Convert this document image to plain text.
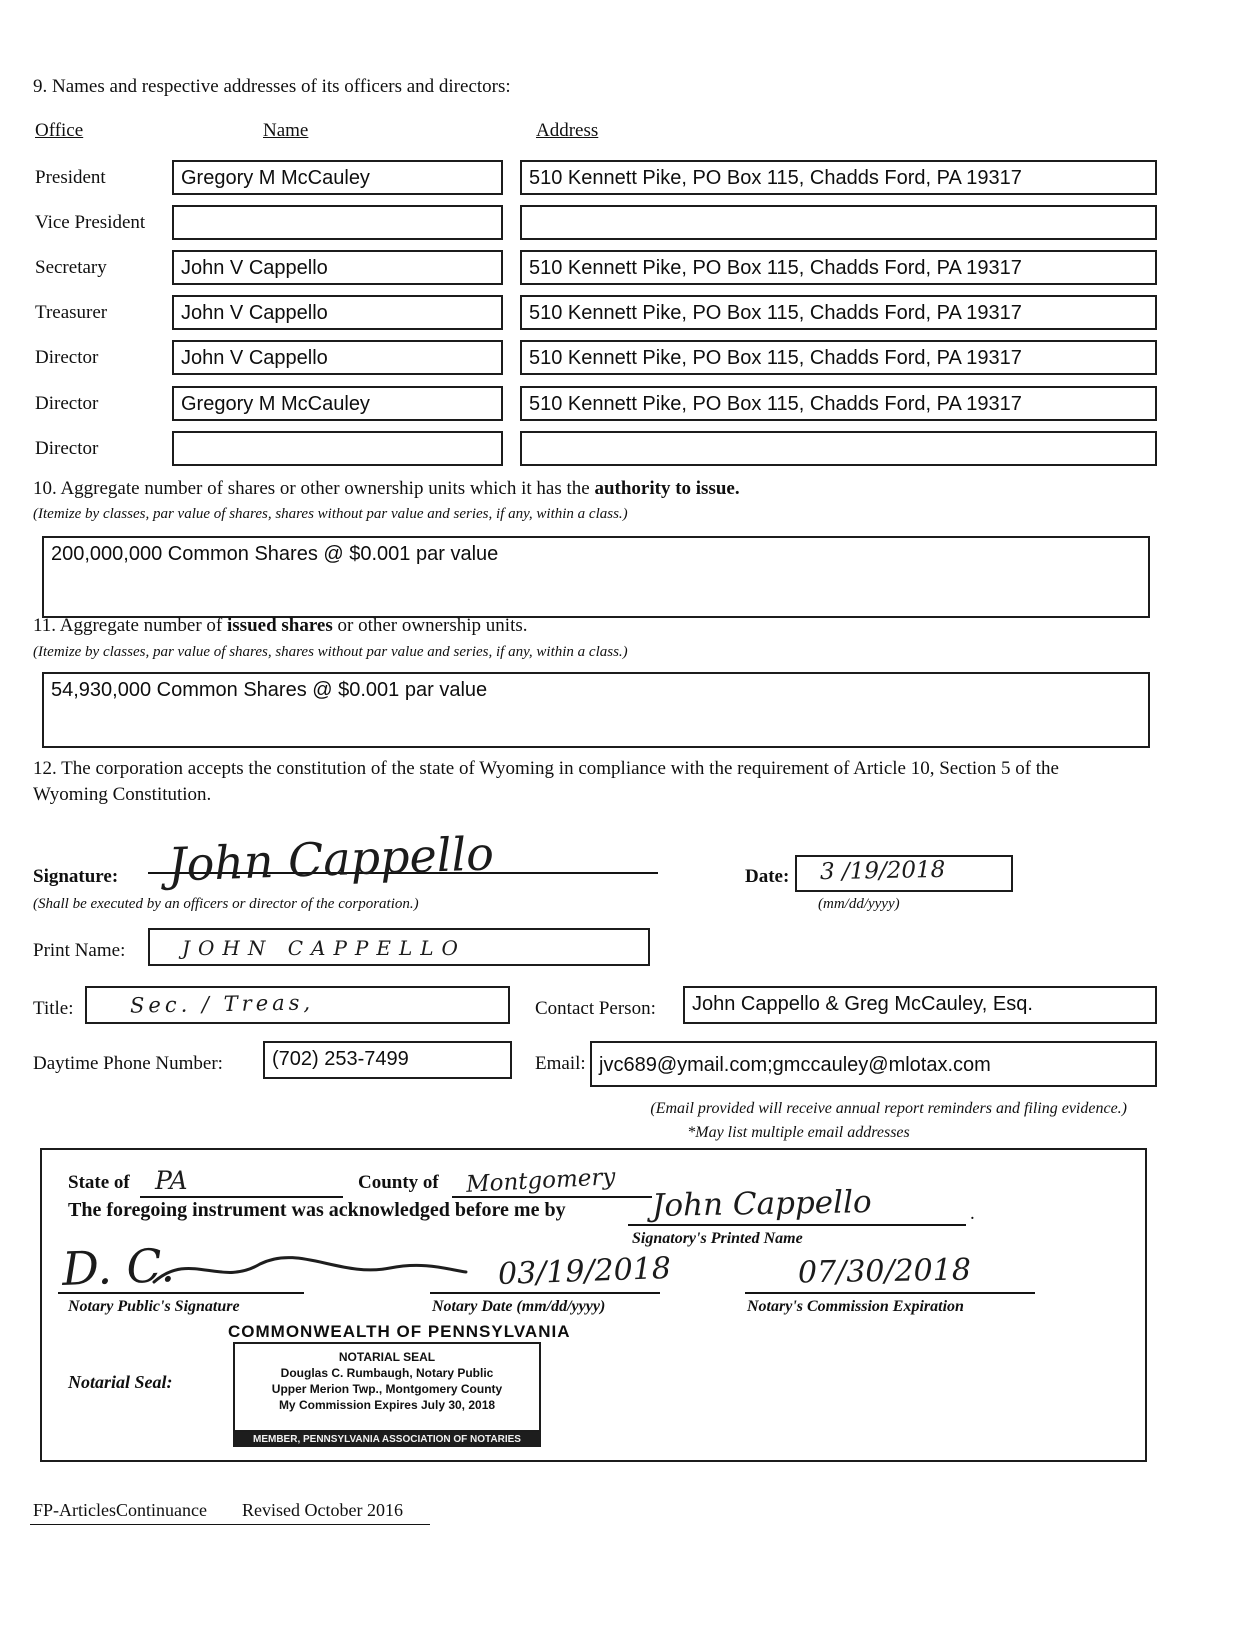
9. Names and respective addresses of its officers and directors:
Office	Name	Address
President	Gregory M McCauley	510 Kennett Pike, PO Box 115, Chadds Ford, PA 19317
Vice President
Secretary	John V Cappello	510 Kennett Pike, PO Box 115, Chadds Ford, PA 19317
Treasurer	John V Cappello	510 Kennett Pike, PO Box 115, Chadds Ford, PA 19317
Director	John V Cappello	510 Kennett Pike, PO Box 115, Chadds Ford, PA 19317
Director	Gregory M McCauley	510 Kennett Pike, PO Box 115, Chadds Ford, PA 19317
Director
10. Aggregate number of shares or other ownership units which it has the authority to issue.
(Itemize by classes, par value of shares, shares without par value and series, if any, within a class.)
200,000,000 Common Shares @ $0.001 par value
11. Aggregate number of issued shares or other ownership units.
(Itemize by classes, par value of shares, shares without par value and series, if any, within a class.)
54,930,000 Common Shares @ $0.001 par value
12. The corporation accepts the constitution of the state of Wyoming in compliance with the requirement of Article 10, Section 5 of the Wyoming Constitution.
Signature: John Cappello
(Shall be executed by an officers or director of the corporation.)
Date: 3 /19/2018
(mm/dd/yyyy)
Print Name:	JOHN CAPPELLO
Title:	Sec. / Treas,	Contact Person:	John Cappello & Greg McCauley, Esq.
Daytime Phone Number:	(702) 253-7499	Email: jvc689@ymail.com;gmccauley@mlotax.com
(Email provided will receive annual report reminders and filing evidence.)
*May list multiple email addresses
State of PA	County of Montgomery
The foregoing instrument was acknowledged before me by	John Cappello	.
Signatory's Printed Name
D. C.
Notary Public's Signature
03/19/2018
Notary Date (mm/dd/yyyy)
07/30/2018
Notary's Commission Expiration
COMMONWEALTH OF PENNSYLVANIA
Notarial Seal:
NOTARIAL SEAL
Douglas C. Rumbaugh, Notary Public
Upper Merion Twp., Montgomery County
My Commission Expires July 30, 2018
MEMBER, PENNSYLVANIA ASSOCIATION OF NOTARIES
FP-ArticlesContinuance Revised October 2016
